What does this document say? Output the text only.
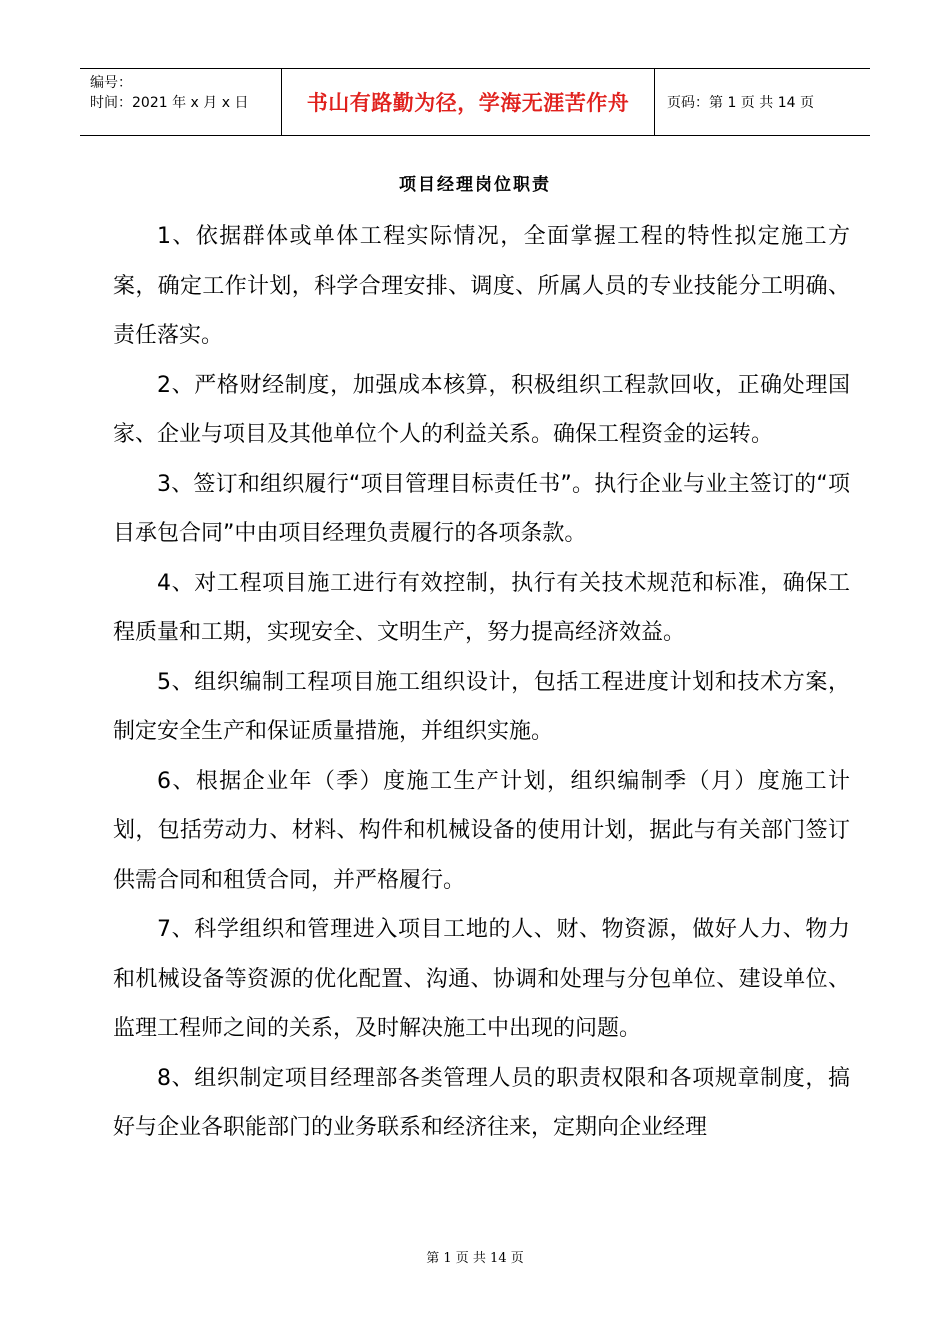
编号：
时间：2021 年 x 月 x 日	书山有路勤为径，学海无涯苦作舟	页码：第 1 页 共 14 页
项目经理岗位职责

1、依据群体或单体工程实际情况，全面掌握工程的特性拟定施工方案，确定工作计划，科学合理安排、调度、所属人员的专业技能分工明确、责任落实。

2、严格财经制度，加强成本核算，积极组织工程款回收，正确处理国家、企业与项目及其他单位个人的利益关系。确保工程资金的运转。

3、签订和组织履行“项目管理目标责任书”。执行企业与业主签订的“项目承包合同”中由项目经理负责履行的各项条款。

4、对工程项目施工进行有效控制，执行有关技术规范和标准，确保工程质量和工期，实现安全、文明生产，努力提高经济效益。

5、组织编制工程项目施工组织设计，包括工程进度计划和技术方案，制定安全生产和保证质量措施，并组织实施。

6、根据企业年（季）度施工生产计划，组织编制季（月）度施工计划，包括劳动力、材料、构件和机械设备的使用计划，据此与有关部门签订供需合同和租赁合同，并严格履行。

7、科学组织和管理进入项目工地的人、财、物资源，做好人力、物力和机械设备等资源的优化配置、沟通、协调和处理与分包单位、建设单位、监理工程师之间的关系，及时解决施工中出现的问题。

8、组织制定项目经理部各类管理人员的职责权限和各项规章制度，搞好与企业各职能部门的业务联系和经济往来，定期向企业经理

第 1 页 共 14 页
